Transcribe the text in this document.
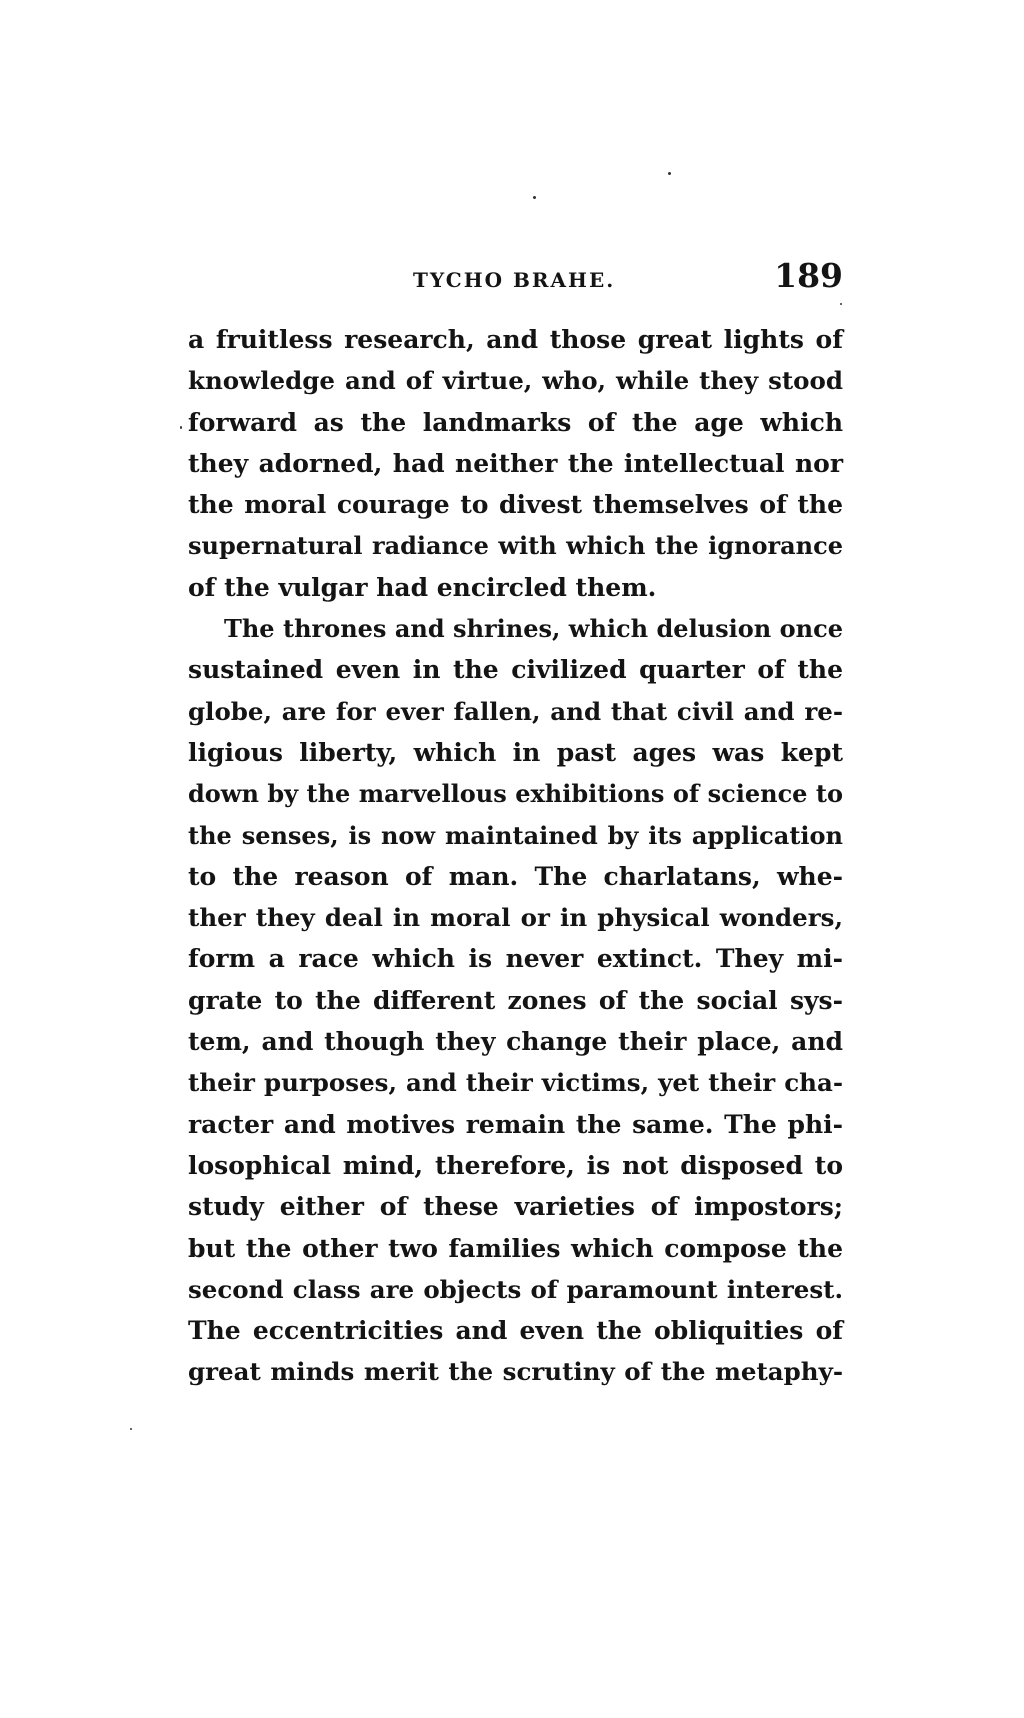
TYCHO BRAHE.	189
a fruitless research, and those great lights of
knowledge and of virtue, who, while they stood
forward as the landmarks of the age which
they adorned, had neither the intellectual nor
the moral courage to divest themselves of the
supernatural radiance with which the ignorance
of the vulgar had encircled them.
The thrones and shrines, which delusion once
sustained even in the civilized quarter of the
globe, are for ever fallen, and that civil and re-
ligious liberty, which in past ages was kept
down by the marvellous exhibitions of science to
the senses, is now maintained by its application
to the reason of man. The charlatans, whe-
ther they deal in moral or in physical wonders,
form a race which is never extinct. They mi-
grate to the different zones of the social sys-
tem, and though they change their place, and
their purposes, and their victims, yet their cha-
racter and motives remain the same. The phi-
losophical mind, therefore, is not disposed to
study either of these varieties of impostors;
but the other two families which compose the
second class are objects of paramount interest.
The eccentricities and even the obliquities of
great minds merit the scrutiny of the metaphy-
